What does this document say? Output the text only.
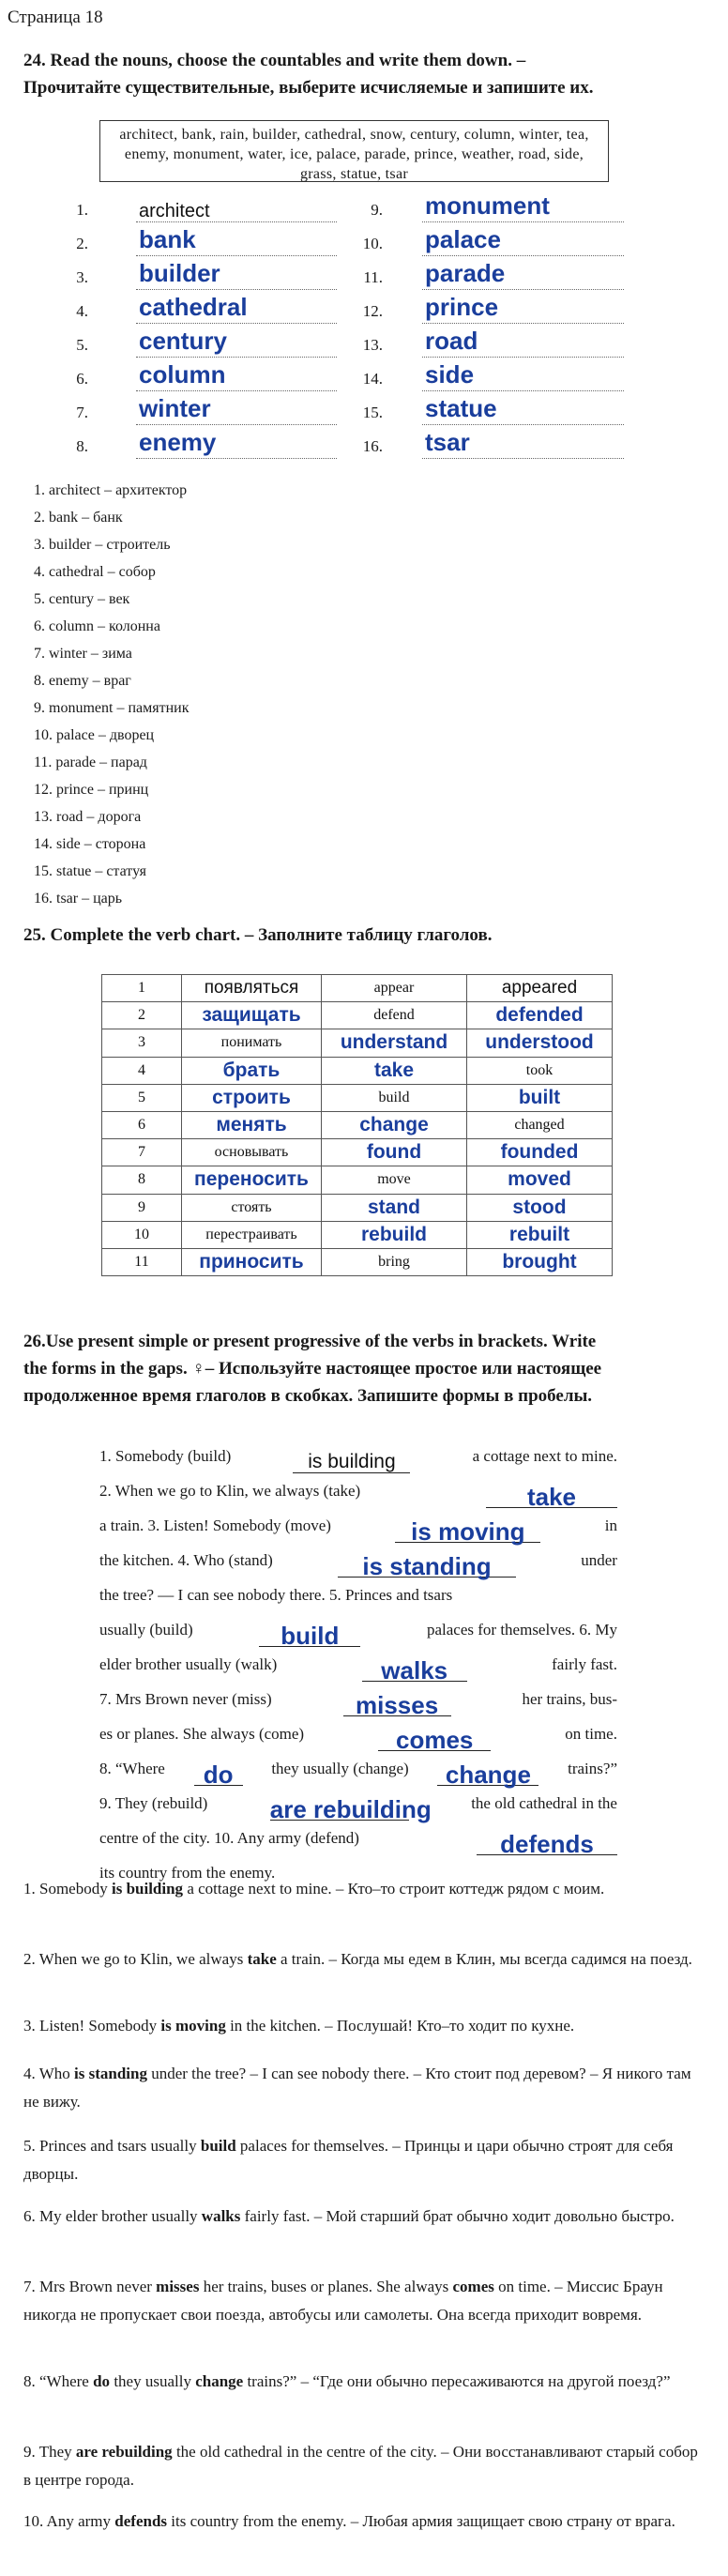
Страница 18
24. Read the nouns, choose the countables and write them down. –
Прочитайте существительные, выберите исчисляемые и запишите их.
architect, bank, rain, builder, cathedral, snow, century, column, winter, tea, enemy, monument, water, ice, palace, parade, prince, weather, road, side, grass, statue, tsar
1.	architect
2. bank
3. builder
4. cathedral
5. century
6. column
7. winter
8. enemy
9. monument
10. palace
11. parade
12. prince
13. road
14. side
15. statue
16. tsar
1. architect – архитектор
2. bank – банк
3. builder – строитель
4. cathedral – собор
5. century – век
6. column – колонна
7. winter – зима
8. enemy – враг
9. monument – памятник
10. palace – дворец
11. parade – парад
12. prince – принц
13. road – дорога
14. side – сторона
15. statue – статуя
16. tsar – царь
25. Complete the verb chart. – Заполните таблицу глаголов.
1	появляться	appear	appeared
2	защищать	defend	defended
3	понимать	understand	understood
4	брать	take	took
5	строить	build	built
6	менять	change	changed
7	основывать	found	founded
8	переносить	move	moved
9	стоять	stand	stood
10	перестраивать	rebuild	rebuilt
11	приносить	bring	brought
26.Use present simple or present progressive of the verbs in brackets. Write
the forms in the gaps. ♀– Используйте настоящее простое или настоящее
продолженное время глаголов в скобках. Запишите формы в пробелы.
1. Somebody (build)
	is building	a cottage next to mine.
2. When we go to Klin, we always (take)
	take
a train. 3. Listen! Somebody (move)
	is moving	in
the kitchen. 4. Who (stand)
	is standing	under
the tree? — I can see nobody there. 5. Princes and tsars
usually (build)
	build	palaces for themselves. 6. My
elder brother usually (walk)
	walks	fairly fast.
7. Mrs Brown never (miss)
	misses	her trains, bus-
es or planes. She always (come)
	comes	on time.
8. “Where
	do	they usually (change)
	change	trains?”
9. They (rebuild)
	are rebuilding	the old cathedral in the
centre of the city. 10. Any army (defend)
	defends
its country from the enemy.
1. Somebody is building a cottage next to mine. – Кто–то строит коттедж рядом с моим.
2. When we go to Klin, we always take a train. – Когда мы едем в Клин, мы всегда садимся на поезд.
3. Listen! Somebody is moving in the kitchen. – Послушай! Кто–то ходит по кухне.
4. Who is standing under the tree? – I can see nobody there. – Кто стоит под деревом? – Я никого там не вижу.
5. Princes and tsars usually build palaces for themselves. – Принцы и цари обычно строят для себя дворцы.
6. My elder brother usually walks fairly fast. – Мой старший брат обычно ходит довольно быстро.
7. Mrs Brown never misses her trains, buses or planes. She always comes on time. – Миссис Браун никогда не пропускает свои поезда, автобусы или самолеты. Она всегда приходит вовремя.
8. “Where do they usually change trains?” – “Где они обычно пересаживаются на другой поезд?”
9. They are rebuilding the old cathedral in the centre of the city. – Они восстанавливают старый собор в центре города.
10. Any army defends its country from the enemy. – Любая армия защищает свою страну от врага.
